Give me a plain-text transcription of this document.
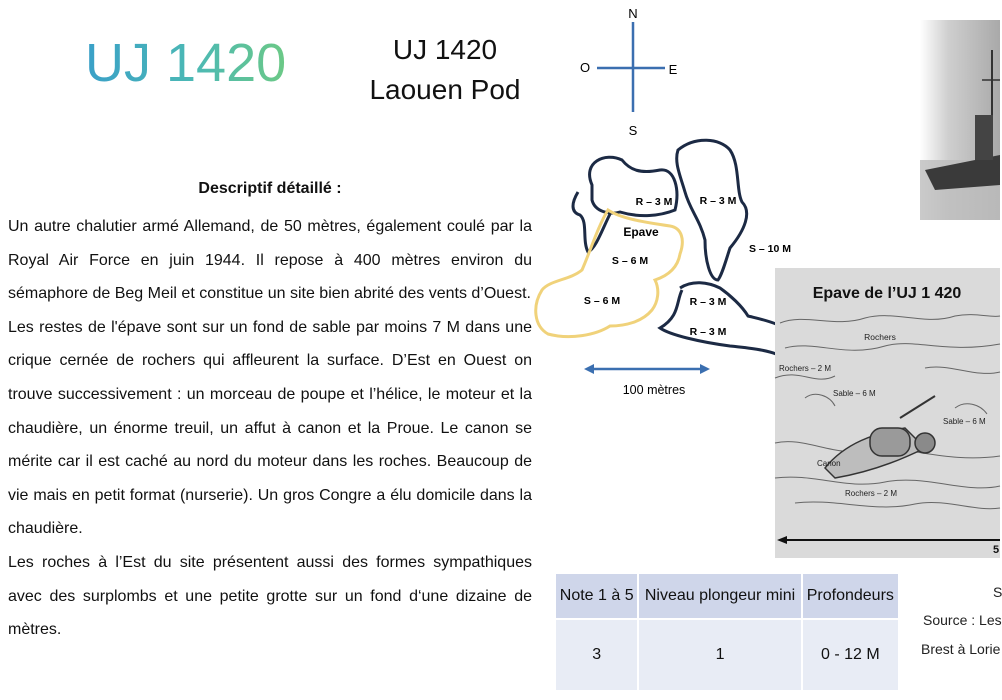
UJ 1420	UJ 1420
Laouen Pod
Descriptif détaillé :

Un autre chalutier armé Allemand, de 50 mètres, également coulé par la Royal Air Force en juin 1944. Il repose à 400 mètres environ du sémaphore de Beg Meil et constitue un site bien abrité des vents d’Ouest.

Les restes de l'épave sont sur un fond de sable par moins 7 M dans une crique cernée de rochers qui affleurent la surface. D’Est en Ouest on trouve successivement : un morceau de poupe et l’hélice, le moteur et la chaudière, un énorme treuil, un affut à canon et la Proue. Le canon se mérite car il est caché au nord du moteur dans les roches. Beaucoup de vie mais en petit format (nurserie). Un gros Congre a élu domicile dans la chaudière.

Les roches à l’Est du site présentent aussi des formes sympathiques avec des surplombs et une petite grotte sur un fond d‘une dizaine de mètres.

N
S
E
O
R – 3 M	R – 3 M
Epave
S – 6 M
S – 6 M
S – 10 M
R – 3 M
R – 3 M
100 mètres
Epave de l’UJ 1 420
Rochers
Rochers – 2 M
Sable – 6 M
Sable – 6 M
Canon
Rochers – 2 M
5
Note 1 à 5	Niveau plongeur mini	Profondeurs
3	1	0 - 12 M
S
Source : Les
Brest à Lorie
